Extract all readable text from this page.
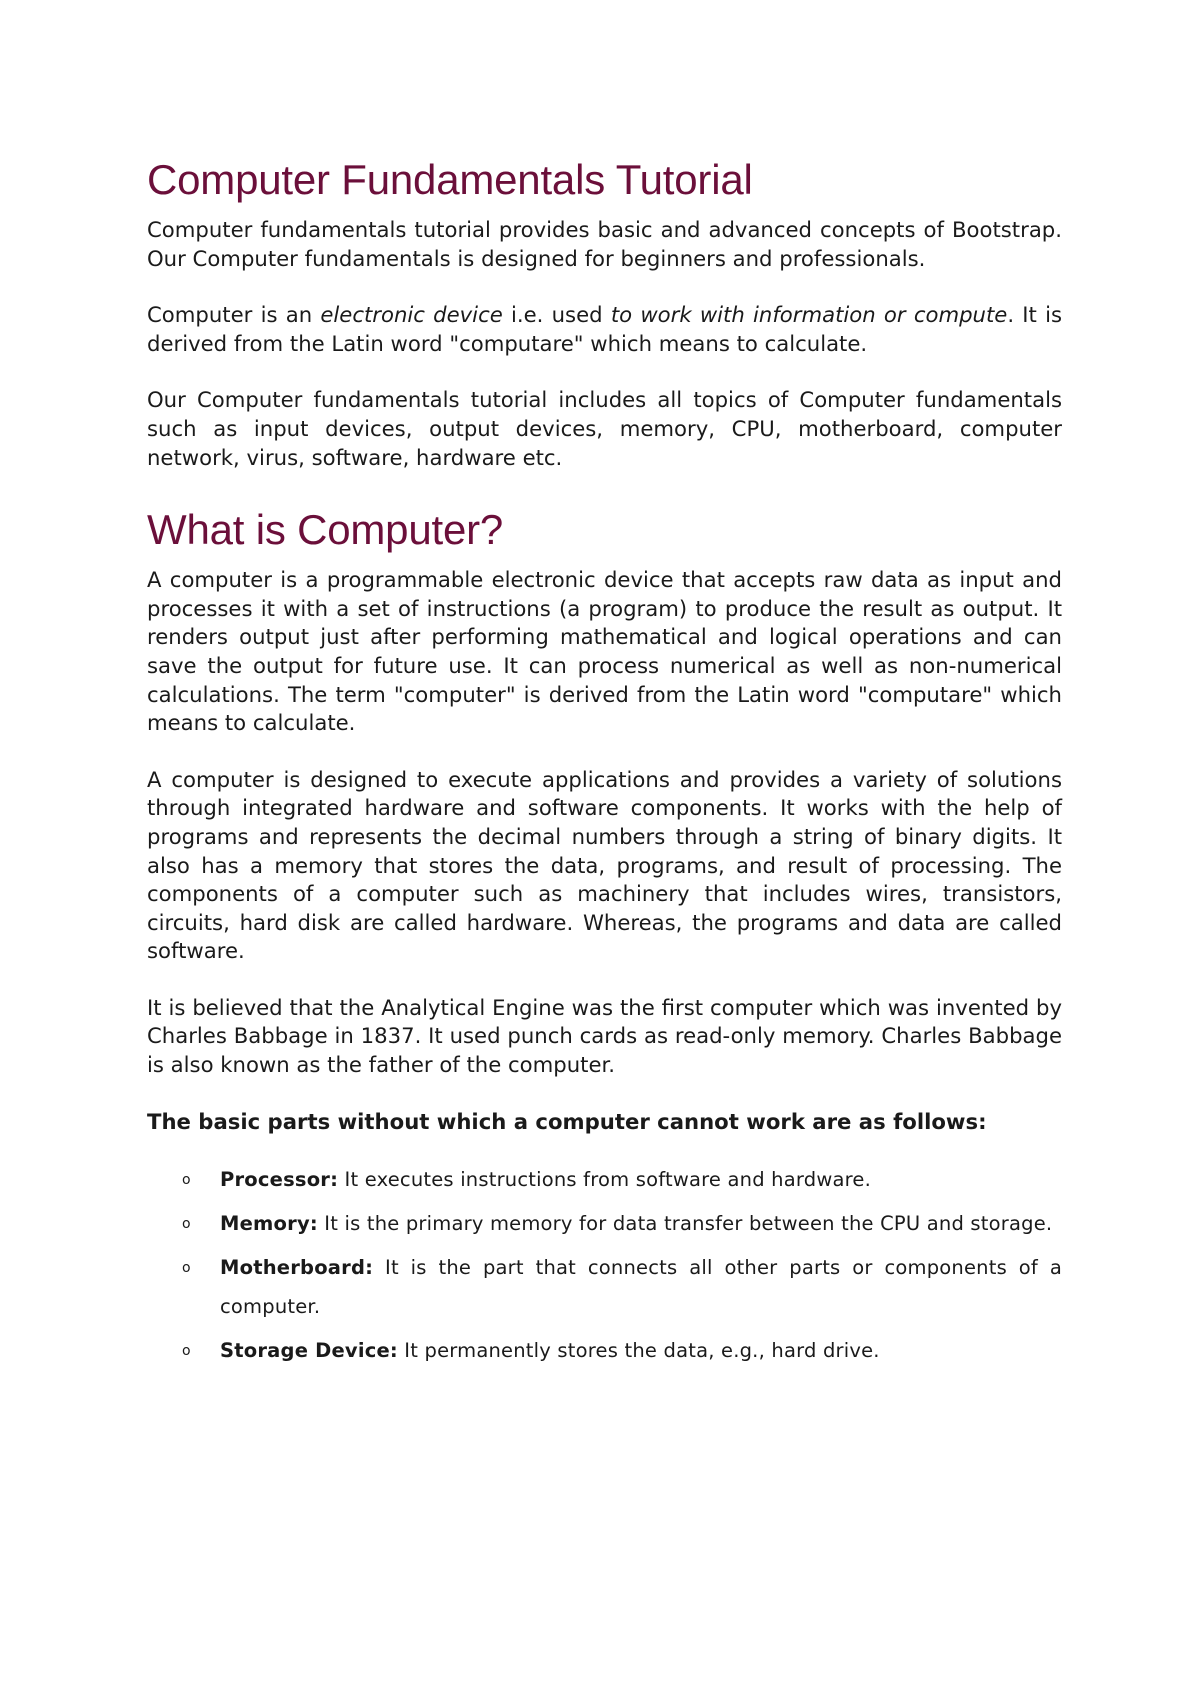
Computer Fundamentals Tutorial

Computer fundamentals tutorial provides basic and advanced concepts of Bootstrap. Our Computer fundamentals is designed for beginners and professionals.

Computer is an electronic device i.e. used to work with information or compute. It is derived from the Latin word "computare" which means to calculate.

Our Computer fundamentals tutorial includes all topics of Computer fundamentals such as input devices, output devices, memory, CPU, motherboard, computer network, virus, software, hardware etc.

What is Computer?

A computer is a programmable electronic device that accepts raw data as input and processes it with a set of instructions (a program) to produce the result as output. It renders output just after performing mathematical and logical operations and can save the output for future use. It can process numerical as well as non-numerical calculations. The term "computer" is derived from the Latin word "computare" which means to calculate.

A computer is designed to execute applications and provides a variety of solutions through integrated hardware and software components. It works with the help of programs and represents the decimal numbers through a string of binary digits. It also has a memory that stores the data, programs, and result of processing. The components of a computer such as machinery that includes wires, transistors, circuits, hard disk are called hardware. Whereas, the programs and data are called software.

It is believed that the Analytical Engine was the first computer which was invented by Charles Babbage in 1837. It used punch cards as read-only memory. Charles Babbage is also known as the father of the computer.

The basic parts without which a computer cannot work are as follows:

o Processor: It executes instructions from software and hardware.
o Memory: It is the primary memory for data transfer between the CPU and storage.
o Motherboard: It is the part that connects all other parts or components of a computer.
o Storage Device: It permanently stores the data, e.g., hard drive.
